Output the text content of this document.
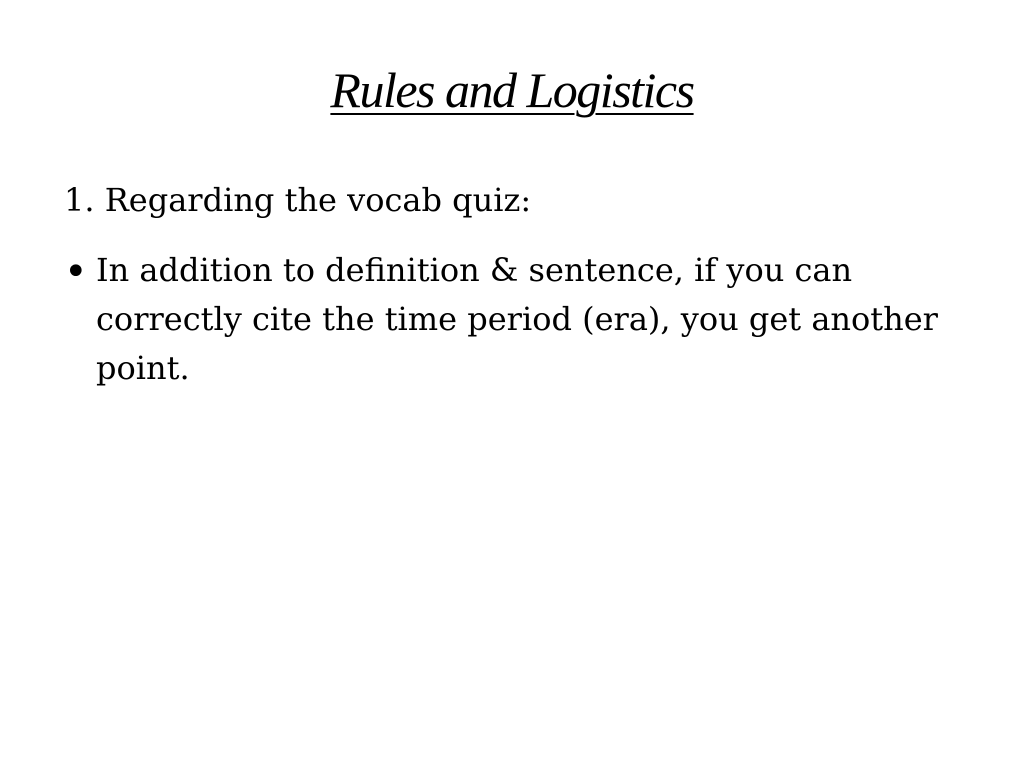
Rules and Logistics

1. Regarding the vocab quiz:

• In addition to definition & sentence, if you can correctly cite the time period (era), you get another point.
